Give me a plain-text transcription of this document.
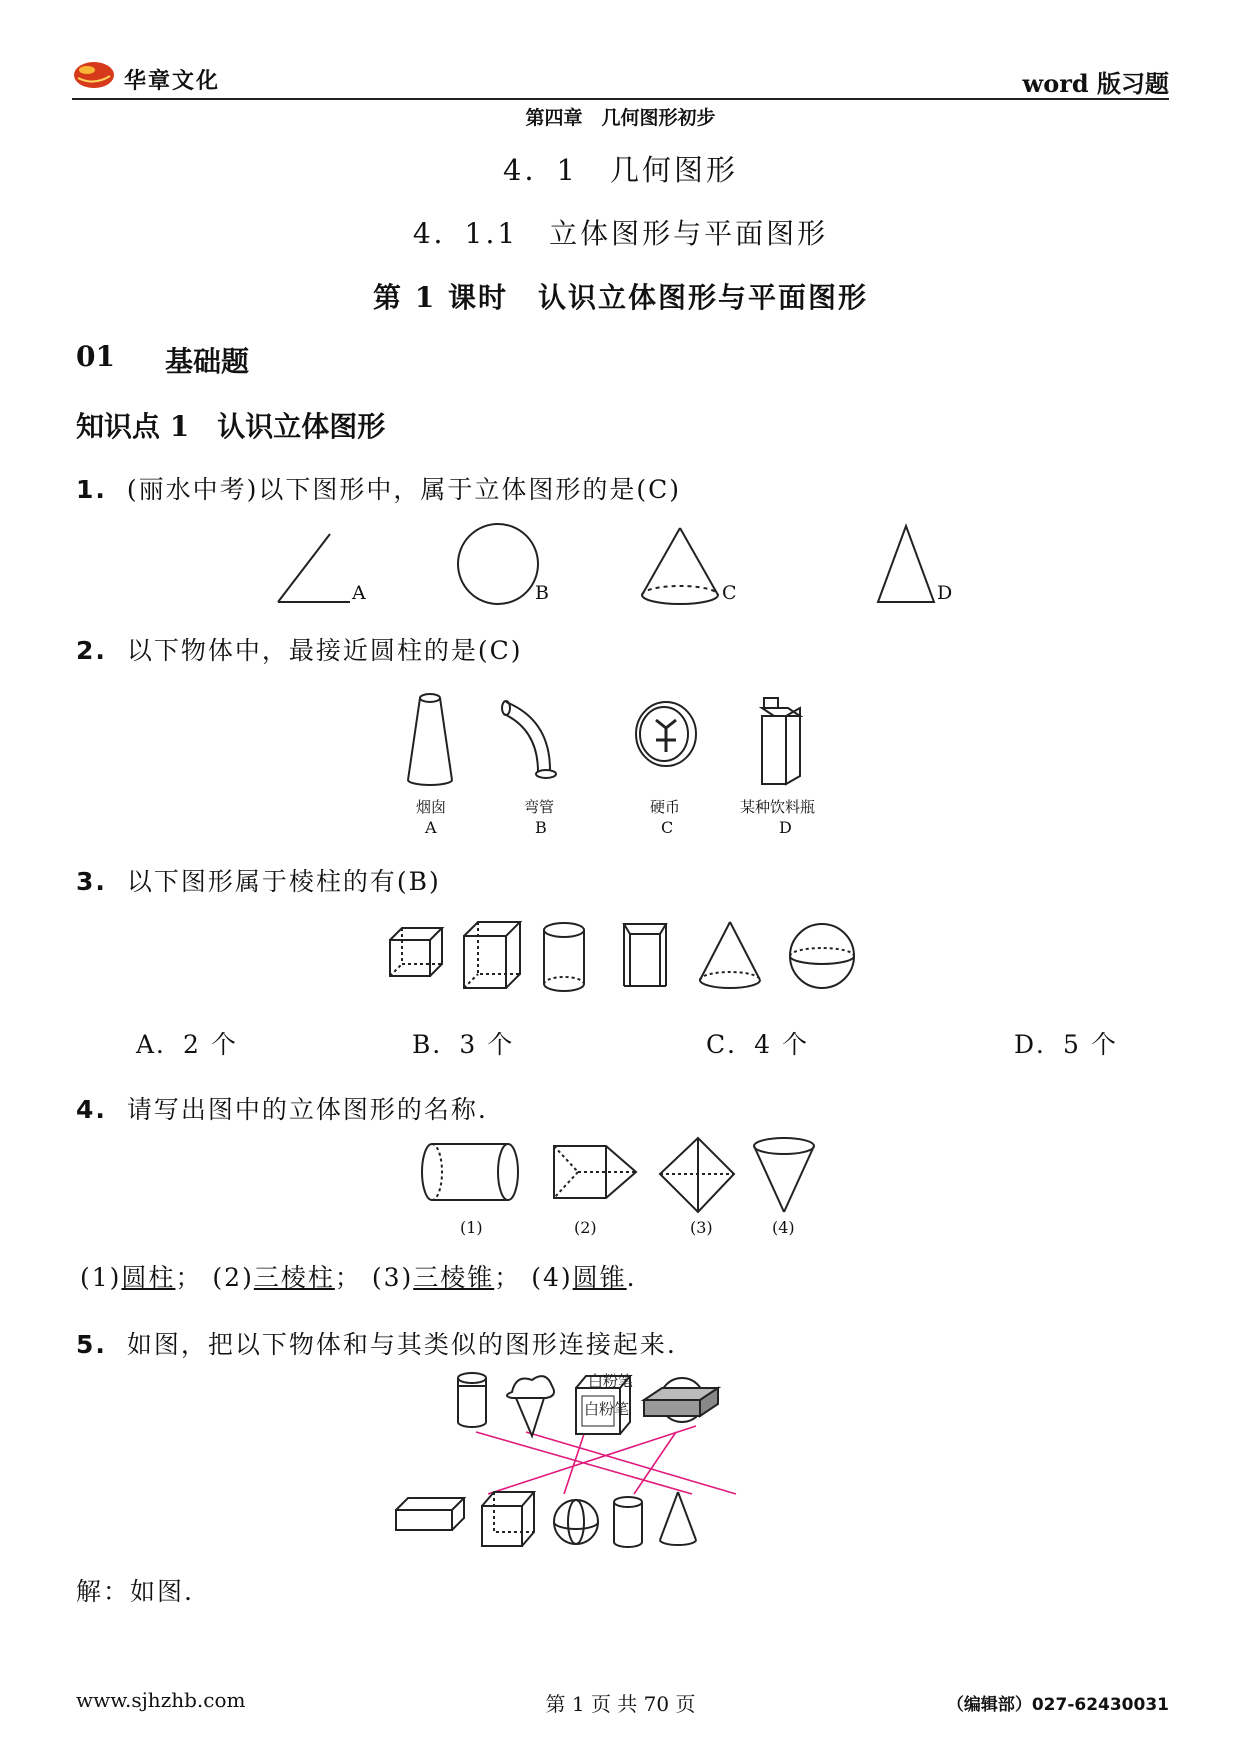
华章文化	word 版习题
第四章　几何图形初步
4．1　几何图形
4．1.1　立体图形与平面图形
第 1 课时　认识立体图形与平面图形
01 基础题
知识点 1　认识立体图形
1. (丽水中考)以下图形中，属于立体图形的是(C)
A	B	C	D
2. 以下物体中，最接近圆柱的是(C)
烟囱
A
弯管
B
硬币
C
某种饮料瓶
D
3. 以下图形属于棱柱的有(B)
A．2 个	B．3 个	C．4 个	D．5 个
4. 请写出图中的立体图形的名称.
(1)	(2)	(3)	(4)
(1)圆柱； (2)三棱柱； (3)三棱锥； (4)圆锥.
5. 如图，把以下物体和与其类似的图形连接起来.
白粉笔
白粉笔
解：如图.
www.sjhzhb.com	第 1 页 共 70 页	（编辑部）027-62430031
